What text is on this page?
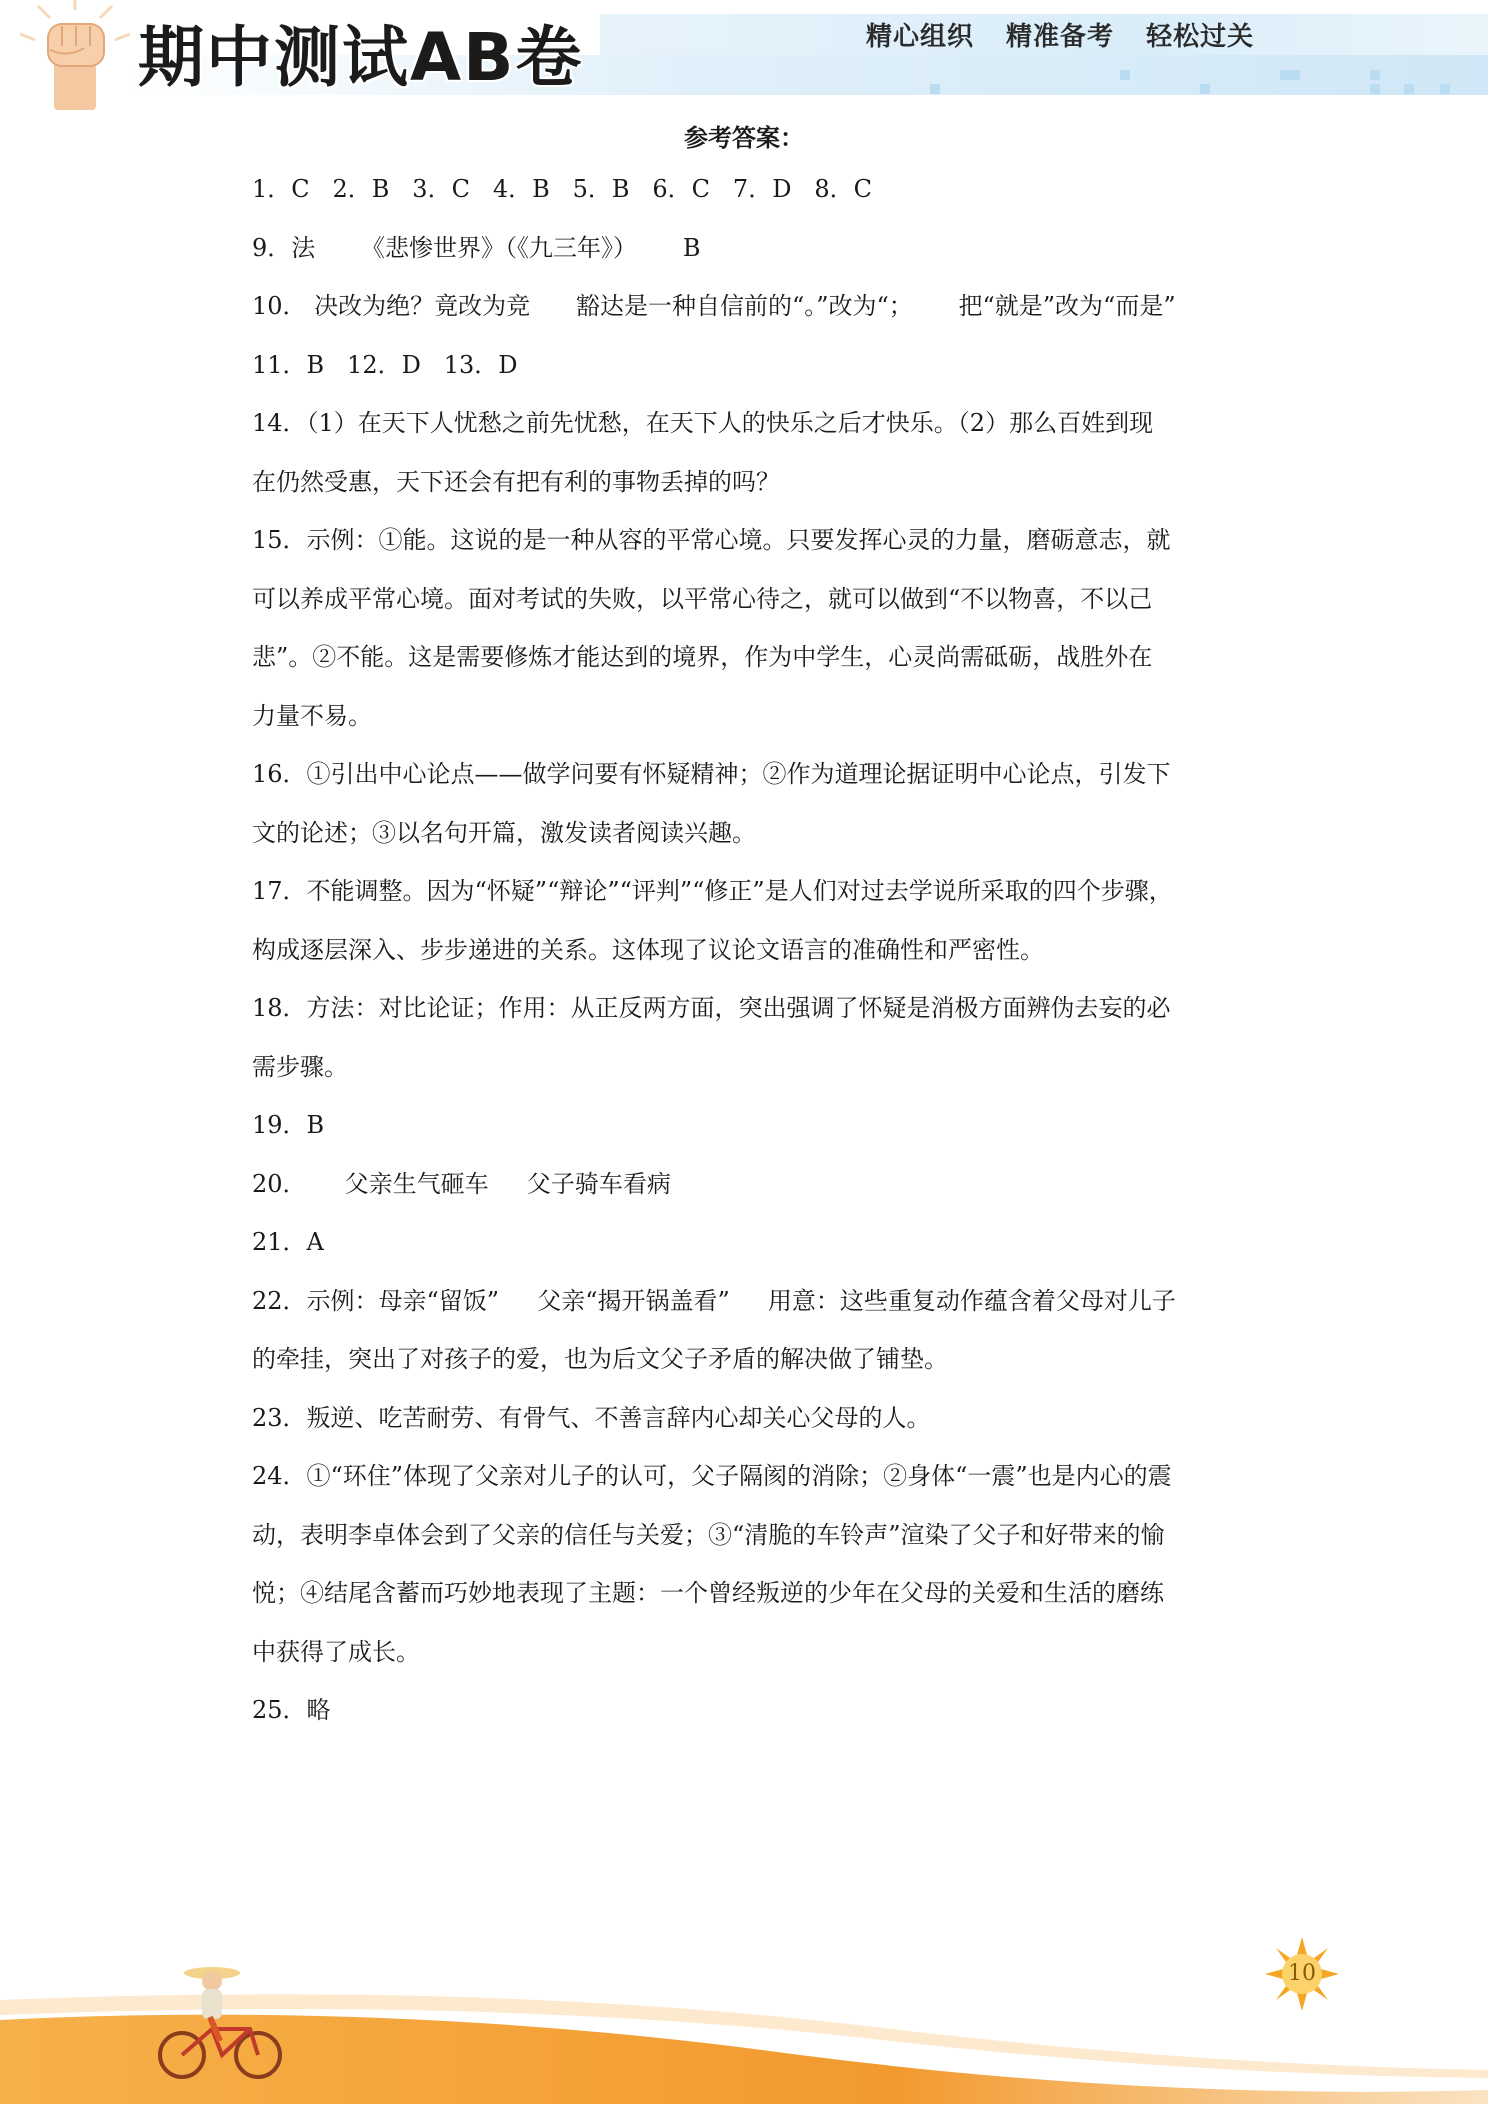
期中测试AB卷	精心组织 精准备考 轻松过关
参考答案：

1．C   2．B   3．C   4．B   5．B   6．C   7．D   8．C

9．法      《悲惨世界》（《九三年》）      B

10． 决改为绝？竟改为竞      豁达是一种自信前的“。”改为“；      把“就是”改为“而是”

11．B   12．D   13．D

14．（1）在天下人忧愁之前先忧愁，在天下人的快乐之后才快乐。（2）那么百姓到现

在仍然受惠，天下还会有把有利的事物丢掉的吗？

15．示例：①能。这说的是一种从容的平常心境。只要发挥心灵的力量，磨砺意志，就

可以养成平常心境。面对考试的失败，以平常心待之，就可以做到“不以物喜，不以己

悲”。②不能。这是需要修炼才能达到的境界，作为中学生，心灵尚需砥砺，战胜外在

力量不易。

16．①引出中心论点——做学问要有怀疑精神；②作为道理论据证明中心论点，引发下

文的论述；③以名句开篇，激发读者阅读兴趣。

17．不能调整。因为“怀疑”“辩论”“评判”“修正”是人们对过去学说所采取的四个步骤，

构成逐层深入、步步递进的关系。这体现了议论文语言的准确性和严密性。

18．方法：对比论证；作用：从正反两方面，突出强调了怀疑是消极方面辨伪去妄的必

需步骤。

19．B

20．     父亲生气砸车     父子骑车看病

21．A

22．示例：母亲“留饭”     父亲“揭开锅盖看”     用意：这些重复动作蕴含着父母对儿子

的牵挂，突出了对孩子的爱，也为后文父子矛盾的解决做了铺垫。

23．叛逆、吃苦耐劳、有骨气、不善言辞内心却关心父母的人。

24．①“环住”体现了父亲对儿子的认可，父子隔阂的消除；②身体“一震”也是内心的震

动，表明李卓体会到了父亲的信任与关爱；③“清脆的车铃声”渲染了父子和好带来的愉

悦；④结尾含蓄而巧妙地表现了主题：一个曾经叛逆的少年在父母的关爱和生活的磨练

中获得了成长。

25．略

10
